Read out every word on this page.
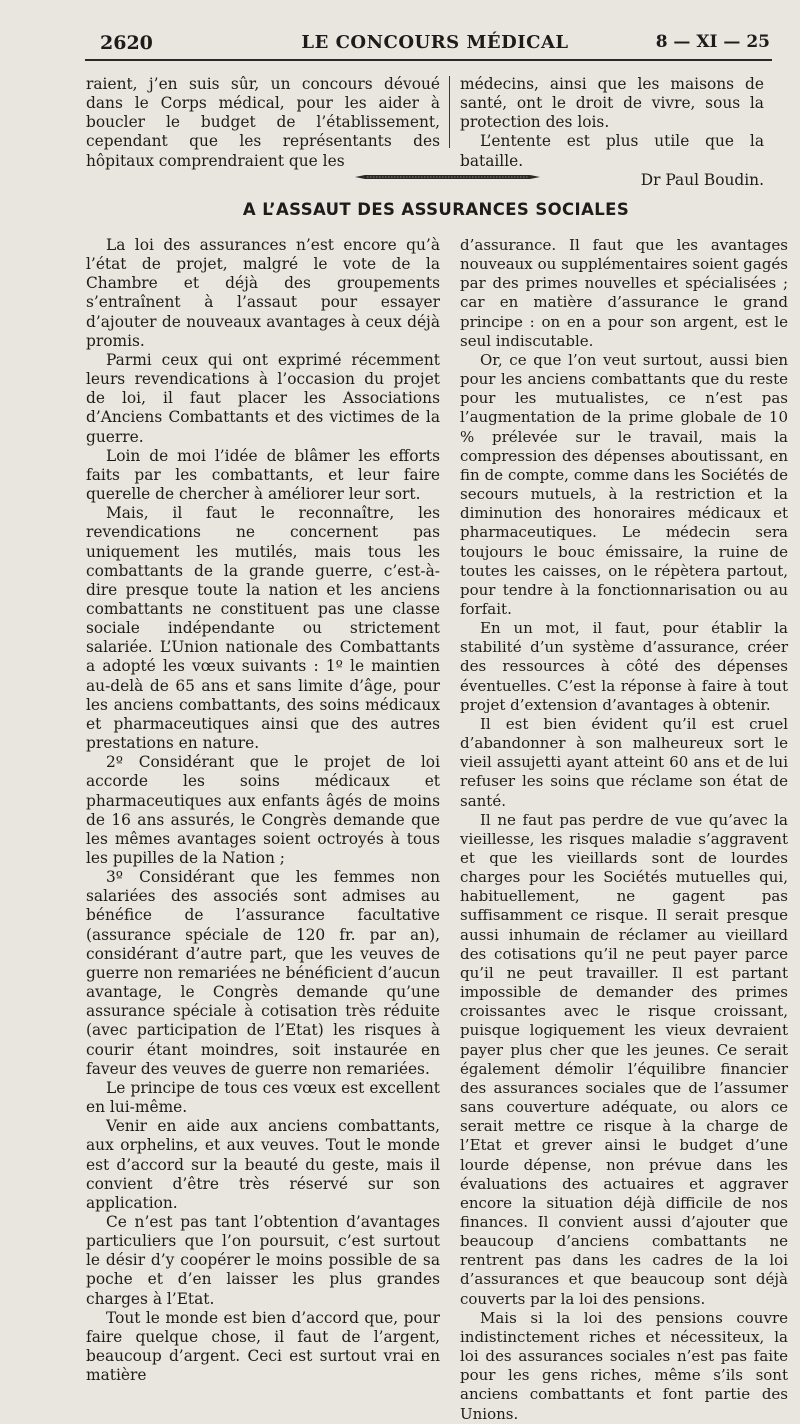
2620	LE CONCOURS MÉDICAL	8 — XI — 25

raient, j’en suis sûr, un concours dévoué dans le Corps médical, pour les aider à boucler le budget de l’établissement, cependant que les représentants des hôpitaux comprendraient que les

médecins, ainsi que les maisons de santé, ont le droit de vivre, sous la protection des lois.

L’entente est plus utile que la bataille.

Dr Paul Boudin.

A L’ASSAUT DES ASSURANCES SOCIALES

La loi des assurances n’est encore qu’à l’état de projet, malgré le vote de la Chambre et déjà des groupements s’entraînent à l’assaut pour essayer d’ajouter de nouveaux avantages à ceux déjà promis.

Parmi ceux qui ont exprimé récemment leurs revendications à l’occasion du projet de loi, il faut placer les Associations d’Anciens Combattants et des victimes de la guerre.

Loin de moi l’idée de blâmer les efforts faits par les combattants, et leur faire querelle de chercher à améliorer leur sort.

Mais, il faut le reconnaître, les revendications ne concernent pas uniquement les mutilés, mais tous les combattants de la grande guerre, c’est-à-dire presque toute la nation et les anciens combattants ne constituent pas une classe sociale indépendante ou strictement salariée. L’Union nationale des Combattants a adopté les vœux suivants : 1º le maintien au-delà de 65 ans et sans limite d’âge, pour les anciens combattants, des soins médicaux et pharmaceutiques ainsi que des autres prestations en nature.

2º Considérant que le projet de loi accorde les soins médicaux et pharmaceutiques aux enfants âgés de moins de 16 ans assurés, le Congrès demande que les mêmes avantages soient octroyés à tous les pupilles de la Nation ;

3º Considérant que les femmes non salariées des associés sont admises au bénéfice de l’assurance facultative (assurance spéciale de 120 fr. par an), considérant d’autre part, que les veuves de guerre non remariées ne bénéficient d’aucun avantage, le Congrès demande qu’une assurance spéciale à cotisation très réduite (avec participation de l’Etat) les risques à courir étant moindres, soit instaurée en faveur des veuves de guerre non remariées.

Le principe de tous ces vœux est excellent en lui-même.

Venir en aide aux anciens combattants, aux orphelins, et aux veuves. Tout le monde est d’accord sur la beauté du geste, mais il convient d’être très réservé sur son application.

Ce n’est pas tant l’obtention d’avantages particuliers que l’on poursuit, c’est surtout le désir d’y coopérer le moins possible de sa poche et d’en laisser les plus grandes charges à l’Etat.

Tout le monde est bien d’accord que, pour faire quelque chose, il faut de l’argent, beaucoup d’argent. Ceci est surtout vrai en matière

d’assurance. Il faut que les avantages nouveaux ou supplémentaires soient gagés par des primes nouvelles et spécialisées ; car en matière d’assurance le grand principe : on en a pour son argent, est le seul indiscutable.

Or, ce que l’on veut surtout, aussi bien pour les anciens combattants que du reste pour les mutualistes, ce n’est pas l’augmentation de la prime globale de 10 % prélevée sur le travail, mais la compression des dépenses aboutissant, en fin de compte, comme dans les Sociétés de secours mutuels, à la restriction et la diminution des honoraires médicaux et pharmaceutiques. Le médecin sera toujours le bouc émissaire, la ruine de toutes les caisses, on le répètera partout, pour tendre à la fonctionnarisation ou au forfait.

En un mot, il faut, pour établir la stabilité d’un système d’assurance, créer des ressources à côté des dépenses éventuelles. C’est la réponse à faire à tout projet d’extension d’avantages à obtenir.

Il est bien évident qu’il est cruel d’abandonner à son malheureux sort le vieil assujetti ayant atteint 60 ans et de lui refuser les soins que réclame son état de santé.

Il ne faut pas perdre de vue qu’avec la vieillesse, les risques maladie s’aggravent et que les vieillards sont de lourdes charges pour les Sociétés mutuelles qui, habituellement, ne gagent pas suffisamment ce risque. Il serait presque aussi inhumain de réclamer au vieillard des cotisations qu’il ne peut payer parce qu’il ne peut travailler. Il est partant impossible de demander des primes croissantes avec le risque croissant, puisque logiquement les vieux devraient payer plus cher que les jeunes. Ce serait également démolir l’équilibre financier des assurances sociales que de l’assumer sans couverture adéquate, ou alors ce serait mettre ce risque à la charge de l’Etat et grever ainsi le budget d’une lourde dépense, non prévue dans les évaluations des actuaires et aggraver encore la situation déjà difficile de nos finances. Il convient aussi d’ajouter que beaucoup d’anciens combattants ne rentrent pas dans les cadres de la loi d’assurances et que beaucoup sont déjà couverts par la loi des pensions.

Mais si la loi des pensions couvre indistinctement riches et nécessiteux, la loi des assurances sociales n’est pas faite pour les gens riches, même s’ils sont anciens combattants et font partie des Unions.
